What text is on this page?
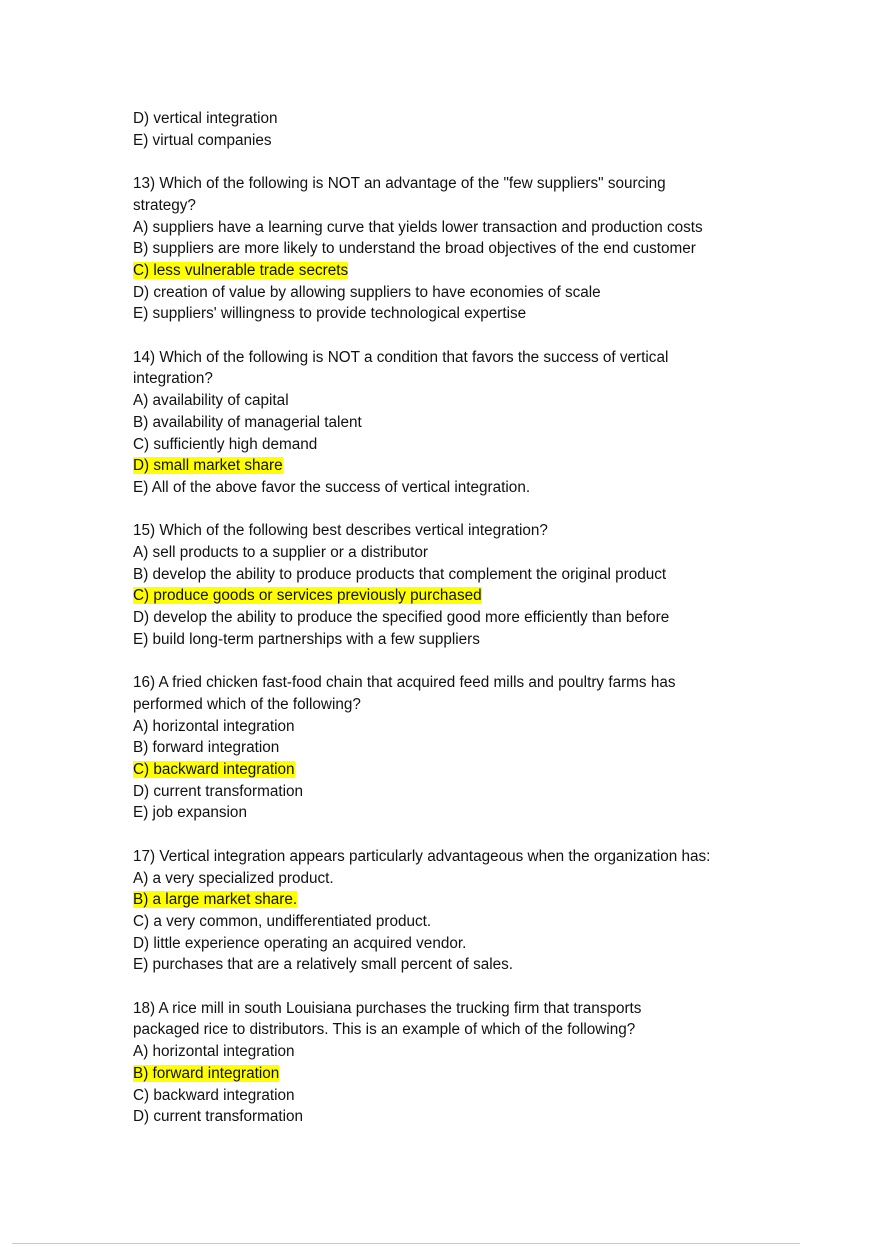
D) vertical integration
E) virtual companies
13) Which of the following is NOT an advantage of the "few suppliers" sourcing
strategy?
A) suppliers have a learning curve that yields lower transaction and production costs
B) suppliers are more likely to understand the broad objectives of the end customer
C) less vulnerable trade secrets
D) creation of value by allowing suppliers to have economies of scale
E) suppliers' willingness to provide technological expertise
14) Which of the following is NOT a condition that favors the success of vertical
integration?
A) availability of capital
B) availability of managerial talent
C) sufficiently high demand
D) small market share
E) All of the above favor the success of vertical integration.
15) Which of the following best describes vertical integration?
A) sell products to a supplier or a distributor
B) develop the ability to produce products that complement the original product
C) produce goods or services previously purchased
D) develop the ability to produce the specified good more efficiently than before
E) build long-term partnerships with a few suppliers
16) A fried chicken fast-food chain that acquired feed mills and poultry farms has
performed which of the following?
A) horizontal integration
B) forward integration
C) backward integration
D) current transformation
E) job expansion
17) Vertical integration appears particularly advantageous when the organization has:
A) a very specialized product.
B) a large market share.
C) a very common, undifferentiated product.
D) little experience operating an acquired vendor.
E) purchases that are a relatively small percent of sales.
18) A rice mill in south Louisiana purchases the trucking firm that transports
packaged rice to distributors. This is an example of which of the following?
A) horizontal integration
B) forward integration
C) backward integration
D) current transformation
